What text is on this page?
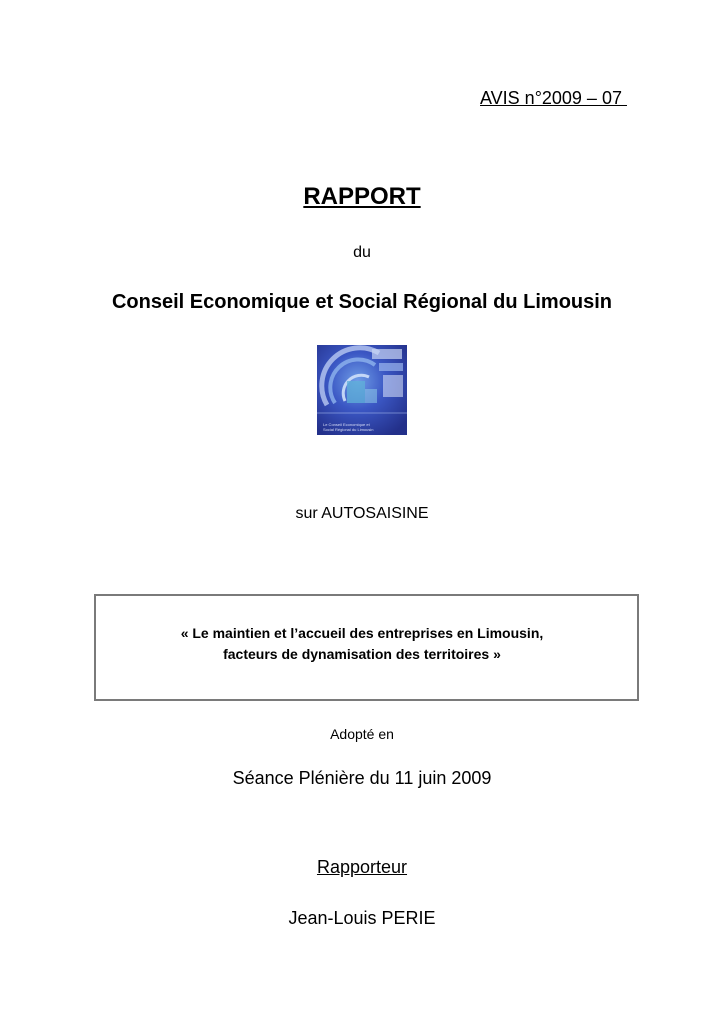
AVIS n°2009 – 07
RAPPORT
du
Conseil Economique et Social Régional du Limousin
Le Conseil Economique et
Social Régional du Limousin
sur AUTOSAISINE
« Le maintien et l’accueil des entreprises en Limousin,
facteurs de dynamisation des territoires »
Adopté en
Séance Plénière du 11 juin 2009
Rapporteur
Jean-Louis PERIE
